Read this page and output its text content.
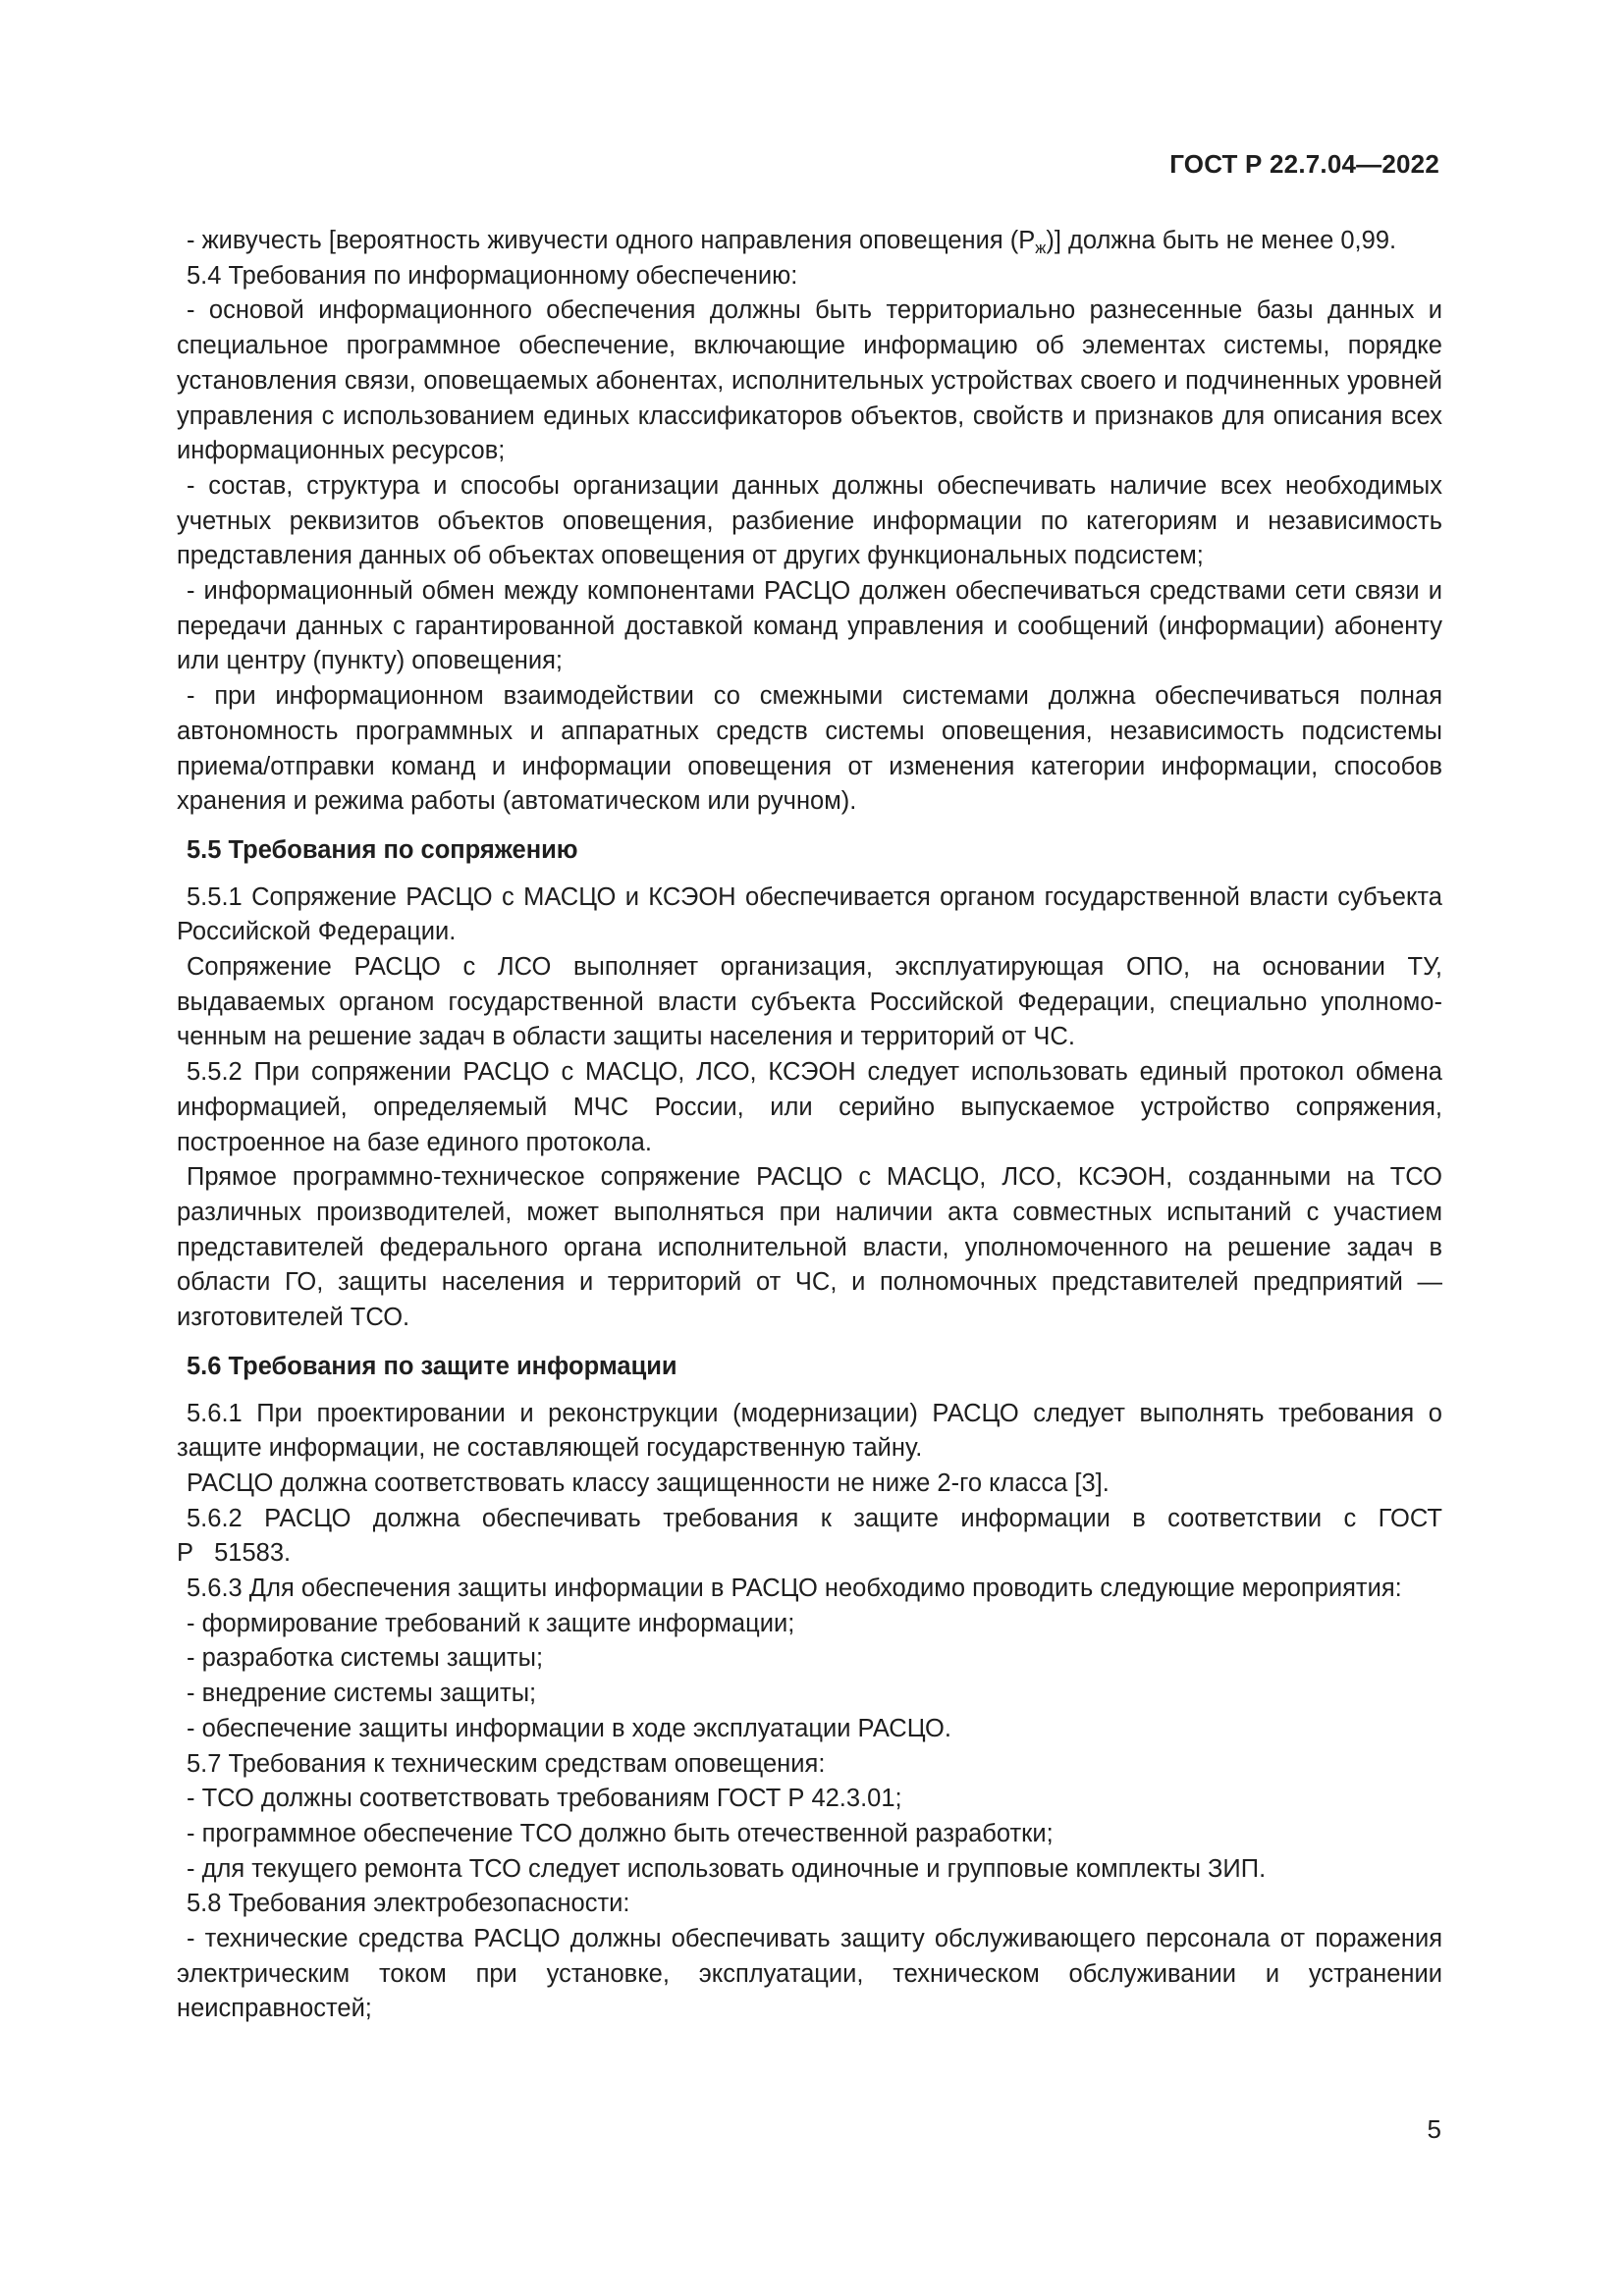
ГОСТ Р 22.7.04—2022

- живучесть [вероятность живучести одного направления оповещения $(Р_ж)$] должна быть не менее 0,99.

5.4 Требования по информационному обеспечению:

- основой информационного обеспечения должны быть территориально разнесенные базы данных и специальное программное обеспечение, включающие информацию об элементах системы, порядке установления связи, оповещаемых абонентах, исполнительных устройствах своего и подчиненных уровней управления с использованием единых классификаторов объектов, свойств и признаков для описания всех информационных ресурсов;

- состав, структура и способы организации данных должны обеспечивать наличие всех необходимых учетных реквизитов объектов оповещения, разбиение информации по категориям и независимость представления данных об объектах оповещения от других функциональных подсистем;

- информационный обмен между компонентами РАСЦО должен обеспечиваться средствами сети связи и передачи данных с гарантированной доставкой команд управления и сообщений (информации) абоненту или центру (пункту) оповещения;

- при информационном взаимодействии со смежными системами должна обеспечиваться полная автономность программных и аппаратных средств системы оповещения, независимость подсистемы приема/отправки команд и информации оповещения от изменения категории информации, способов хранения и режима работы (автоматическом или ручном).

5.5 Требования по сопряжению

5.5.1 Сопряжение РАСЦО с МАСЦО и КСЭОН обеспечивается органом государственной власти субъекта Российской Федерации.

Сопряжение РАСЦО с ЛСО выполняет организация, эксплуатирующая ОПО, на основании ТУ, выдаваемых органом государственной власти субъекта Российской Федерации, специально уполномоченным на решение задач в области защиты населения и территорий от ЧС.

5.5.2 При сопряжении РАСЦО с МАСЦО, ЛСО, КСЭОН следует использовать единый протокол обмена информацией, определяемый МЧС России, или серийно выпускаемое устройство сопряжения, построенное на базе единого протокола.

Прямое программно-техническое сопряжение РАСЦО с МАСЦО, ЛСО, КСЭОН, созданными на ТСО различных производителей, может выполняться при наличии акта совместных испытаний с участием представителей федерального органа исполнительной власти, уполномоченного на решение задач в области ГО, защиты населения и территорий от ЧС, и полномочных представителей предприятий — изготовителей ТСО.

5.6 Требования по защите информации

5.6.1 При проектировании и реконструкции (модернизации) РАСЦО следует выполнять требования о защите информации, не составляющей государственную тайну.

РАСЦО должна соответствовать классу защищенности не ниже 2-го класса [3].

5.6.2 РАСЦО должна обеспечивать требования к защите информации в соответствии с ГОСТ Р 51583.

5.6.3 Для обеспечения защиты информации в РАСЦО необходимо проводить следующие мероприятия:

- формирование требований к защите информации;

- разработка системы защиты;

- внедрение системы защиты;

- обеспечение защиты информации в ходе эксплуатации РАСЦО.

5.7 Требования к техническим средствам оповещения:

- ТСО должны соответствовать требованиям ГОСТ Р 42.3.01;

- программное обеспечение ТСО должно быть отечественной разработки;

- для текущего ремонта ТСО следует использовать одиночные и групповые комплекты ЗИП.

5.8 Требования электробезопасности:

- технические средства РАСЦО должны обеспечивать защиту обслуживающего персонала от поражения электрическим током при установке, эксплуатации, техническом обслуживании и устранении неисправностей;

5
